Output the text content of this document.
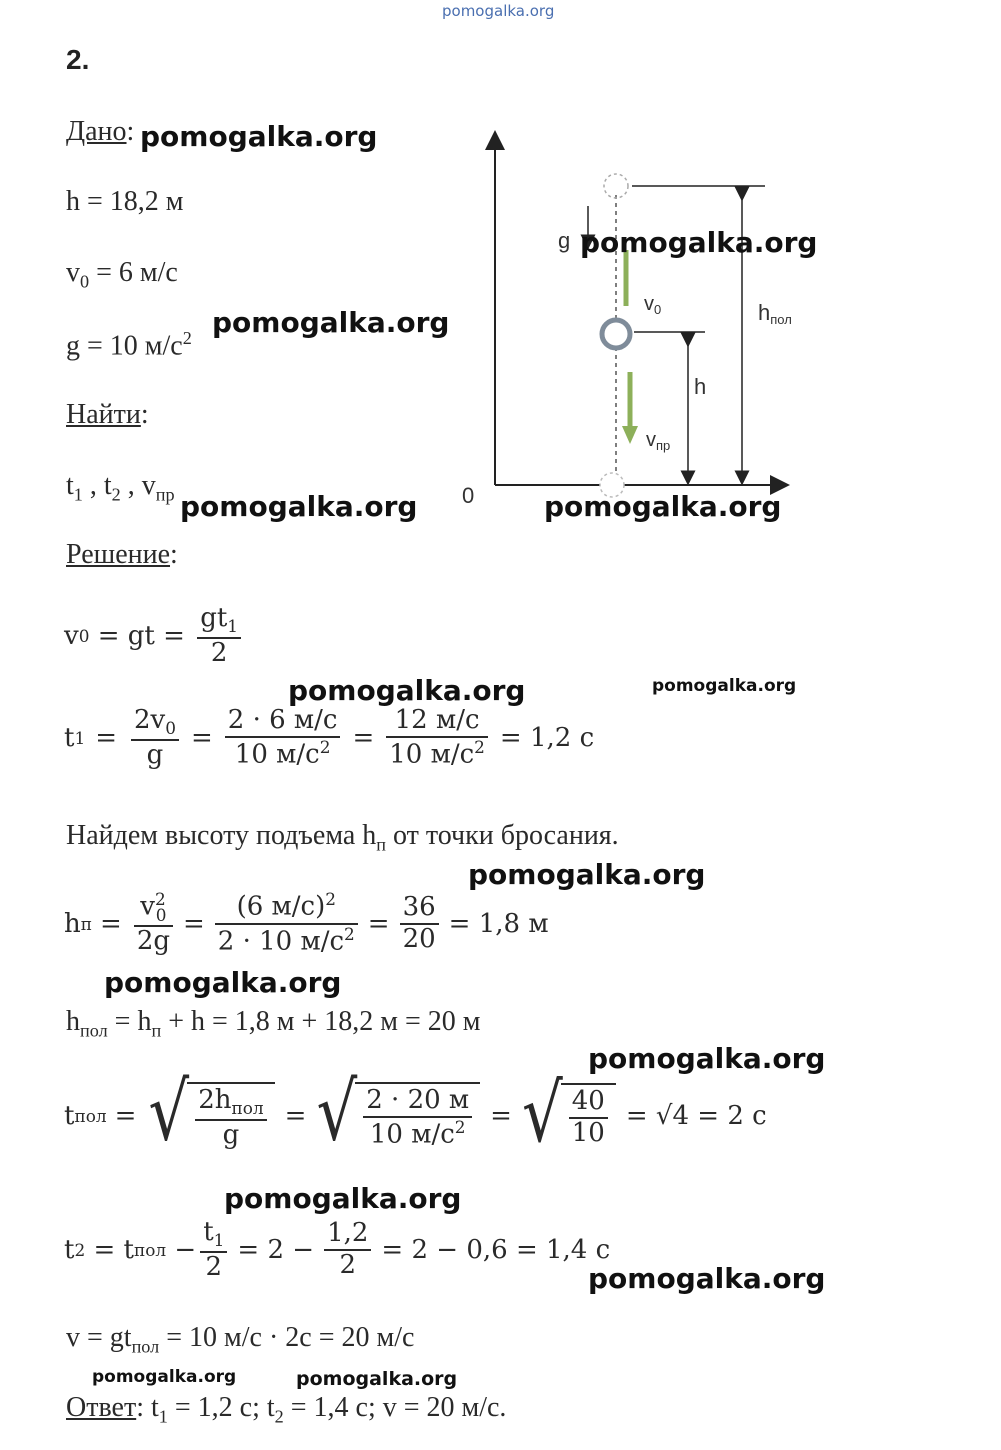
pomogalka.org
2.
Дано:
h = 18,2 м
$v_0 = 6$ м/с
g = 10 $м/с^2$
Найти:
$t_1$ , $t_2$ , $v_{пр}$
Решение:
v 0 = gt = $\frac{gt_1}{2}$
t $1 = \frac{2v_0}{g} = \frac{2 \cdot 6 м/с}{10 м/с^2} = \frac{12 м/с}{10 м/с^2} = 1,2$ с
Найдем высоту подъема $h_п$ от точки бросания.
h $п = \frac{v^2_0}{2g} = \frac{(6 м/с)^2}{2 \cdot 10 м/с^2} = \frac{36}{20} = 1,8$ м
$h_{пол} = h_п + h = 1,8$ м + 18,2 м = 20 м
t пол = √ $\frac{2h_{пол}}{g}$ = √ $\frac{2 \cdot 20 м}{10 м/с^2}$ = √ $\frac{40}{10} = √4 = 2$ с
t 2 = t пол − $\frac{t_1}{2} = 2 - \frac{1,2}{2} = 2 - 0,6 = 1,4$ с
$v = gt_{пол} = 10$ м/с · 2с = 20 м/с
Ответ: $t_1 = 1,2$ с; $t_2 = 1,4$ с; v = 20 м/с.
0
g
$v_0$
$v_{пр}$
h
hпол
pomogalka.org
pomogalka.org
pomogalka.org
pomogalka.org	pomogalka.org
pomogalka.org	pomogalka.org
pomogalka.org
pomogalka.org
pomogalka.org
pomogalka.org
pomogalka.org
pomogalka.org	pomogalka.org
